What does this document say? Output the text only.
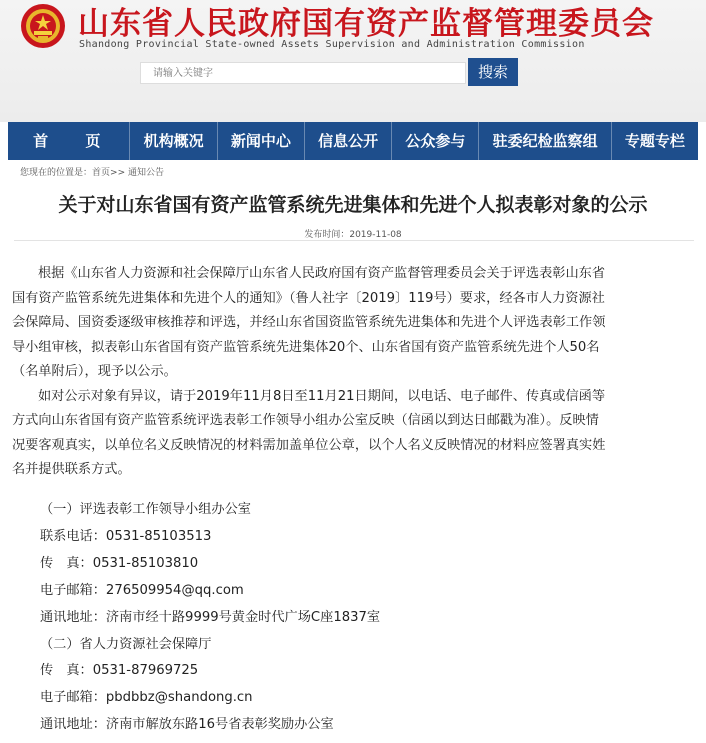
山东省人民政府国有资产监督管理委员会
Shandong Provincial State-owned Assets Supervision and Administration Commission
请输入关键字
搜索
首 页	机构概况	新闻中心	信息公开	公众参与	驻委纪检监察组	专题专栏
您现在的位置是：首页>> 通知公告
关于对山东省国有资产监管系统先进集体和先进个人拟表彰对象的公示
发布时间：2019-11-08
根据《山东省人力资源和社会保障厅山东省人民政府国有资产监督管理委员会关于评选表彰山东省
国有资产监管系统先进集体和先进个人的通知》（鲁人社字〔2019〕119号）要求，经各市人力资源社
会保障局、国资委逐级审核推荐和评选，并经山东省国资监管系统先进集体和先进个人评选表彰工作领
导小组审核，拟表彰山东省国有资产监管系统先进集体20个、山东省国有资产监管系统先进个人50名
（名单附后），现予以公示。
如对公示对象有异议，请于2019年11月8日至11月21日期间，以电话、电子邮件、传真或信函等
方式向山东省国有资产监管系统评选表彰工作领导小组办公室反映（信函以到达日邮戳为准）。反映情
况要客观真实，以单位名义反映情况的材料需加盖单位公章，以个人名义反映情况的材料应签署真实姓
名并提供联系方式。
（一）评选表彰工作领导小组办公室
联系电话：0531-85103513
传　真：0531-85103810
电子邮箱：276509954@qq.com
通讯地址：济南市经十路9999号黄金时代广场C座1837室
（二）省人力资源社会保障厅
传　真：0531-87969725
电子邮箱：pbdbbz@shandong.cn
通讯地址：济南市解放东路16号省表彰奖励办公室
